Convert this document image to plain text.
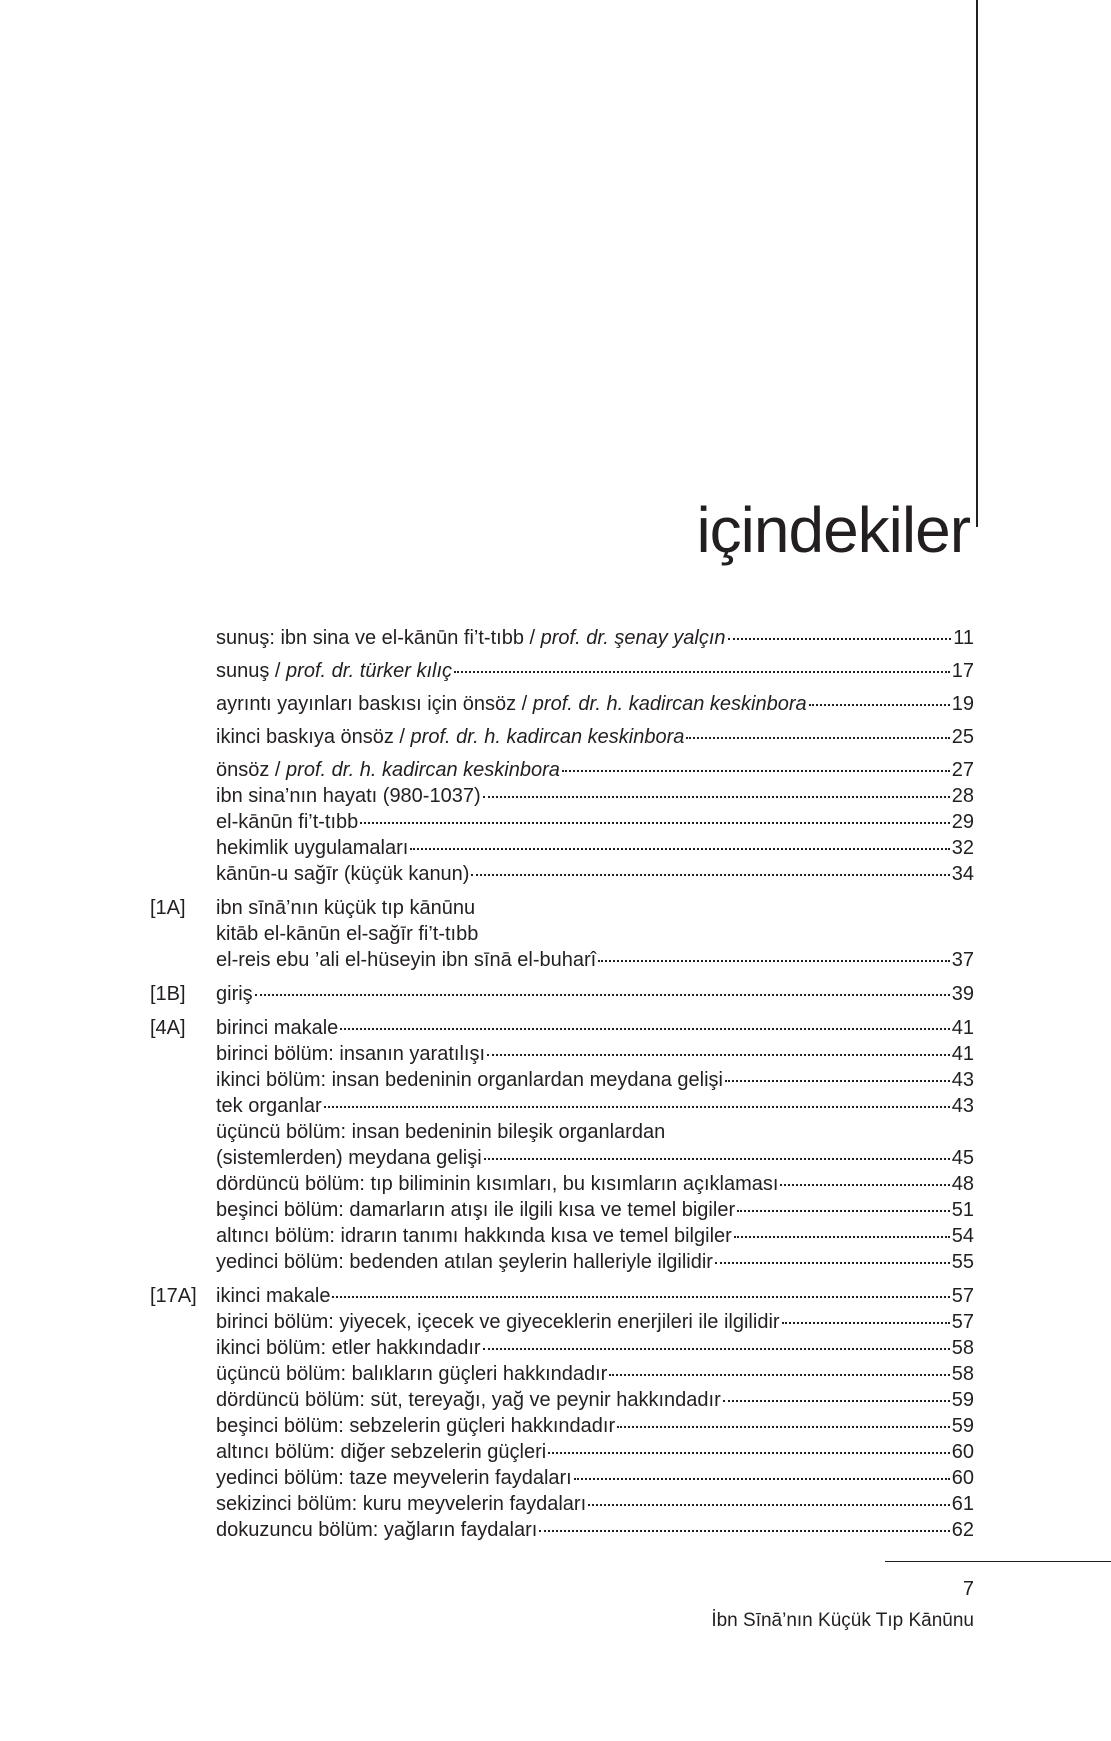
içindekiler
sunuş: ibn sina ve el-kānūn fi’t-tıbb / prof. dr. şenay yalçın	11
sunuş / prof. dr. türker kılıç	17
ayrıntı yayınları baskısı için önsöz / prof. dr. h. kadircan keskinbora	19
ikinci baskıya önsöz / prof. dr. h. kadircan keskinbora	25
önsöz / prof. dr. h. kadircan keskinbora	27
ibn sina’nın hayatı (980-1037)	28
el-kānūn fi’t-tıbb	29
hekimlik uygulamaları	32
kānūn-u sağīr (küçük kanun)	34
[1A]	ibn sīnā’nın küçük tıp kānūnu
kitāb el-kānūn el-sağīr fi’t-tıbb
el-reis ebu ’ali el-hüseyin ibn sīnā el-buharî	37
[1B]	giriş	39
[4A]	birinci makale	41
birinci bölüm: insanın yaratılışı	41
ikinci bölüm: insan bedeninin organlardan meydana gelişi	43
tek organlar	43
üçüncü bölüm: insan bedeninin bileşik organlardan
(sistemlerden) meydana gelişi	45
dördüncü bölüm: tıp biliminin kısımları, bu kısımların açıklaması	48
beşinci bölüm: damarların atışı ile ilgili kısa ve temel bigiler	51
altıncı bölüm: idrarın tanımı hakkında kısa ve temel bilgiler	54
yedinci bölüm: bedenden atılan şeylerin halleriyle ilgilidir	55
[17A] ikinci makale	57
birinci bölüm: yiyecek, içecek ve giyeceklerin enerjileri ile ilgilidir	57
ikinci bölüm: etler hakkındadır	58
üçüncü bölüm: balıkların güçleri hakkındadır	58
dördüncü bölüm: süt, tereyağı, yağ ve peynir hakkındadır	59
beşinci bölüm: sebzelerin güçleri hakkındadır	59
altıncı bölüm: diğer sebzelerin güçleri	60
yedinci bölüm: taze meyvelerin faydaları	60
sekizinci bölüm: kuru meyvelerin faydaları	61
dokuzuncu bölüm: yağların faydaları	62
7
İbn Sīnā’nın Küçük Tıp Kānūnu
